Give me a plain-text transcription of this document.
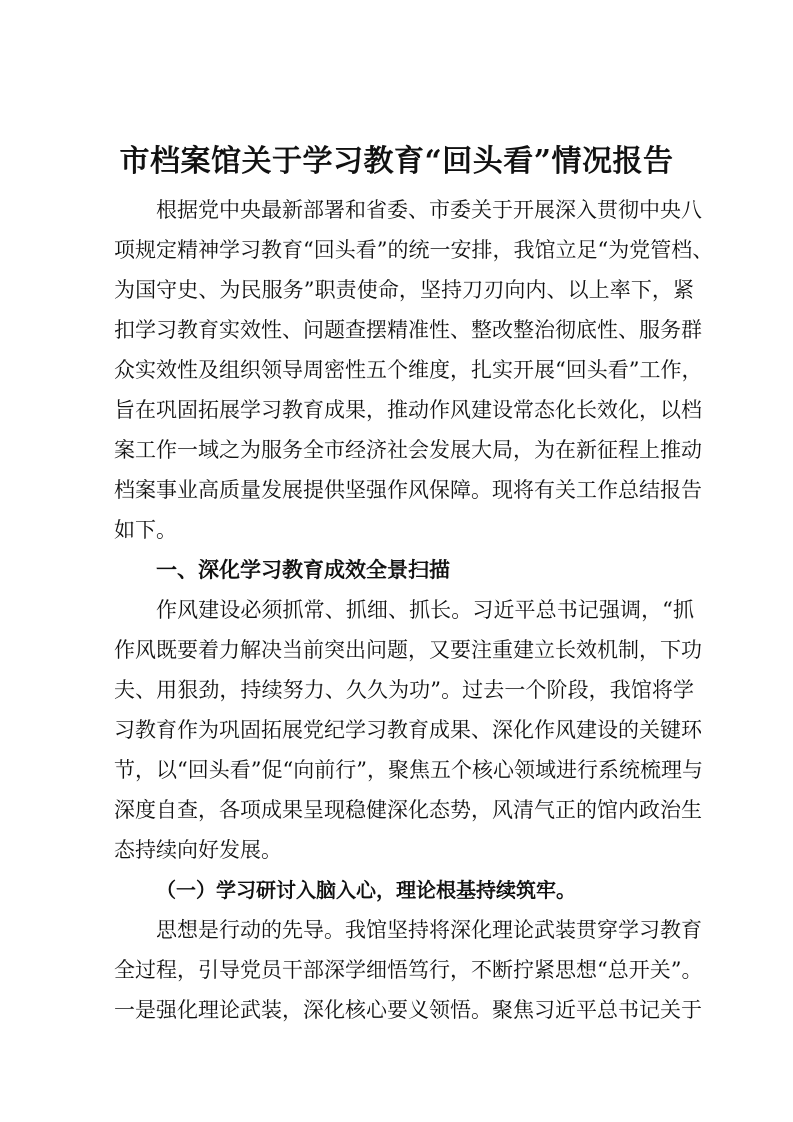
市档案馆关于学习教育“回头看”情况报告
根据党中央最新部署和省委、市委关于开展深入贯彻中央八
项规定精神学习教育“回头看”的统一安排，我馆立足“为党管档、
为国守史、为民服务”职责使命，坚持刀刃向内、以上率下，紧
扣学习教育实效性、问题查摆精准性、整改整治彻底性、服务群
众实效性及组织领导周密性五个维度，扎实开展“回头看”工作，
旨在巩固拓展学习教育成果，推动作风建设常态化长效化，以档
案工作一域之为服务全市经济社会发展大局，为在新征程上推动
档案事业高质量发展提供坚强作风保障。现将有关工作总结报告
如下。
一、深化学习教育成效全景扫描
作风建设必须抓常、抓细、抓长。习近平总书记强调，“抓
作风既要着力解决当前突出问题，又要注重建立长效机制，下功
夫、用狠劲，持续努力、久久为功”。过去一个阶段，我馆将学
习教育作为巩固拓展党纪学习教育成果、深化作风建设的关键环
节，以“回头看”促“向前行”，聚焦五个核心领域进行系统梳理与
深度自查，各项成果呈现稳健深化态势，风清气正的馆内政治生
态持续向好发展。
（一）学习研讨入脑入心，理论根基持续筑牢。
思想是行动的先导。我馆坚持将深化理论武装贯穿学习教育
全过程，引导党员干部深学细悟笃行，不断拧紧思想“总开关”。
一是强化理论武装，深化核心要义领悟。聚焦习近平总书记关于
